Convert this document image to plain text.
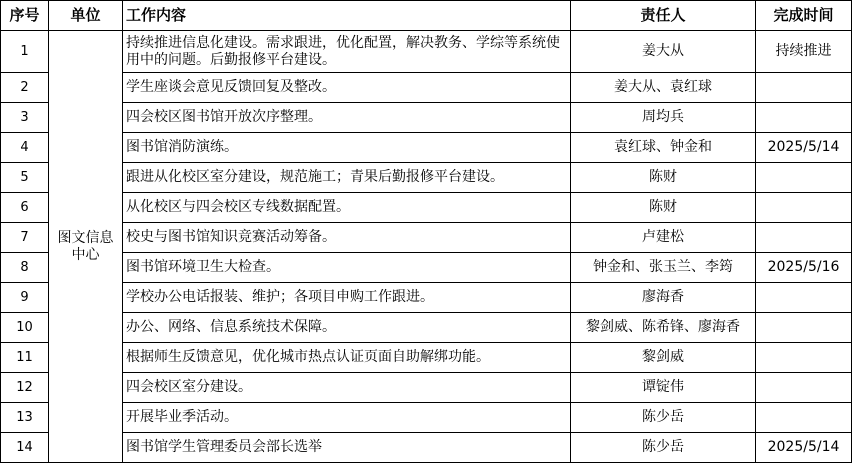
序号	单位	工作内容	责任人	完成时间
1	图文信息中心	持续推进信息化建设。需求跟进，优化配置，解决教务、学综等系统使用中的问题。后勤报修平台建设。	姜大从	持续推进
2		学生座谈会意见反馈回复及整改。	姜大从、袁红球	
3		四会校区图书馆开放次序整理。	周均兵	
4		图书馆消防演练。	袁红球、钟金和	2025/5/14
5		跟进从化校区室分建设，规范施工；青果后勤报修平台建设。	陈财	
6		从化校区与四会校区专线数据配置。	陈财	
7		校史与图书馆知识竞赛活动筹备。	卢建松	
8		图书馆环境卫生大检查。	钟金和、张玉兰、李筠	2025/5/16
9		学校办公电话报装、维护；各项目申购工作跟进。	廖海香	
10		办公、网络、信息系统技术保障。	黎剑威、陈希锋、廖海香	
11		根据师生反馈意见，优化城市热点认证页面自助解绑功能。	黎剑威	
12		四会校区室分建设。	谭锭伟	
13		开展毕业季活动。	陈少岳	
14		图书馆学生管理委员会部长选举	陈少岳	2025/5/14
